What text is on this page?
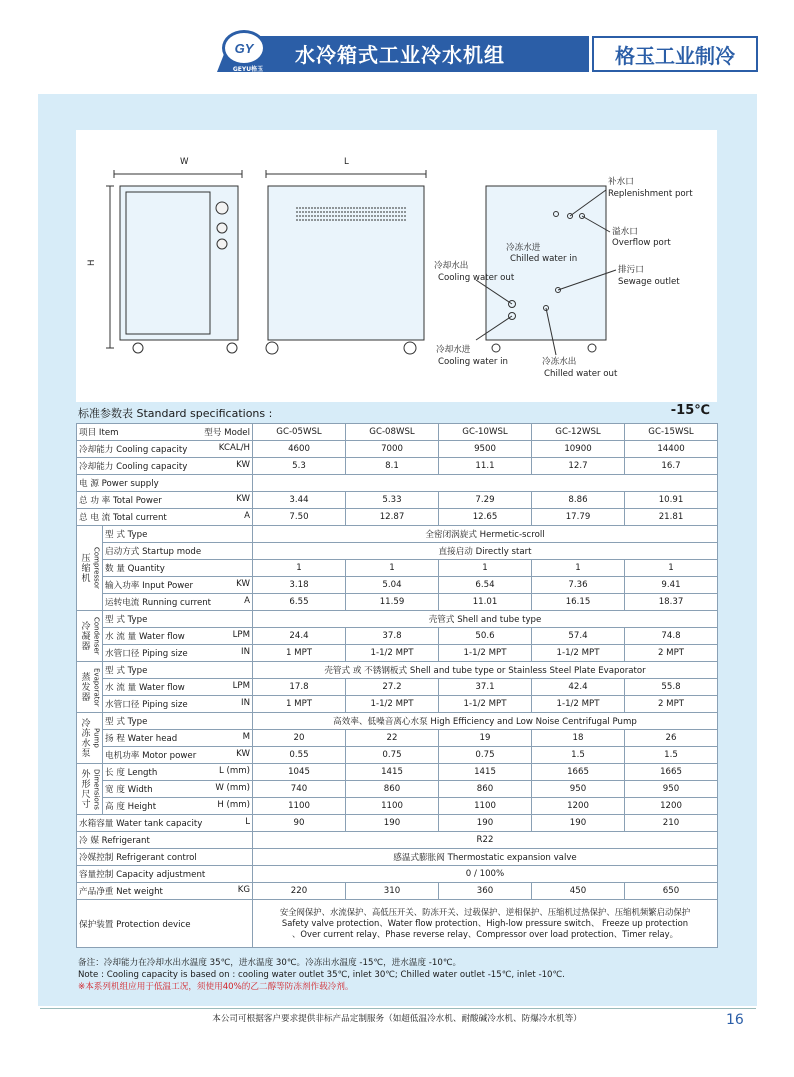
GY
GEYU格玉
水冷箱式工业冷水机组	格玉工业制冷
W
H
L
补水口
Replenishment port
溢水口
Overflow port
冷冻水进
Chilled water in
排污口
Sewage outlet
冷却水出
Cooling water out
冷却水进
Cooling water in	冷冻水出
Chilled water out
标准参数表 Standard specifications :	-15℃
项目 Item 型号 Model		GC-05WSL	GC-08WSL	GC-10WSL	GC-12WSL	GC-15WSL

冷却能力 Cooling capacity KCAL/H		4600	7000	9500	10900	14400

冷却能力 Cooling capacity KW		5.3	8.1	11.1	12.7	16.7
电 源 Power supply						

总 功 率 Total Power KW		3.44	5.33	7.29	8.86	10.91

总 电 流 Total current A		7.50	12.87	12.65	17.79	21.81

压缩机 Compressor	型 式 Type	全密闭涡旋式 Hermetic-scroll				
	启动方式 Startup mode	直接启动 Directly start				
	数 量 Quantity	1	1	1	1	1

	输入功率 Input Power KW	3.18	5.04	6.54	7.36	9.41

	运转电流 Running current A	6.55	11.59	11.01	16.15	18.37

冷凝器 Condenser	型 式 Type	壳管式 Shell and tube type				

	水 流 量 Water flow LPM	24.4	37.8	50.6	57.4	74.8

	水管口径 Piping size IN	1 MPT	1-1/2 MPT	1-1/2 MPT	1-1/2 MPT	2 MPT

蒸发器 Evaporator	型 式 Type	壳管式 或 不锈钢板式 Shell and tube type or Stainless Steel Plate Evaporator				

	水 流 量 Water flow LPM	17.8	27.2	37.1	42.4	55.8

	水管口径 Piping size IN	1 MPT	1-1/2 MPT	1-1/2 MPT	1-1/2 MPT	2 MPT

冷冻水泵 Pump	型 式 Type	高效率、低噪音离心水泵 High Efficiency and Low Noise Centrifugal Pump				

	扬 程 Water head M	20	22	19	18	26

	电机功率 Motor power KW	0.55	0.75	0.75	1.5	1.5

外形尺寸 Dimensions	长 度 Length L (mm)	1045	1415	1415	1665	1665

	宽 度 Width W (mm)	740	860	860	950	950

	高 度 Height H (mm)	1100	1100	1100	1200	1200

水箱容量 Water tank capacity L		90	190	190	190	210
冷 媒 Refrigerant		R22				
冷媒控制 Refrigerant control		感温式膨胀阀 Thermostatic expansion valve				
容量控制 Capacity adjustment		0 / 100%				

产品净重 Net weight KG		220	310	360	450	650
保护装置 Protection device		安全阀保护、水流保护、高低压开关、防冻开关、过载保护、逆相保护、压缩机过热保护、压缩机频繁启动保护
Safety valve protection、Water flow protection、High-low pressure switch、 Freeze up protection
、Over current relay、Phase reverse relay、Compressor over load protection、Timer relay。				
备注：冷却能力在冷却水出水温度 35℃，进水温度 30℃。冷冻出水温度 -15℃，进水温度 -10℃。
Note : Cooling capacity is based on : cooling water outlet 35℃, inlet 30℃; Chilled water outlet -15℃, inlet -10℃.
※本系列机组应用于低温工况，须使用40%的乙二醇等防冻剂作载冷剂。
本公司可根据客户要求提供非标产品定制服务（如超低温冷水机、耐酸碱冷水机、防爆冷水机等）	16
